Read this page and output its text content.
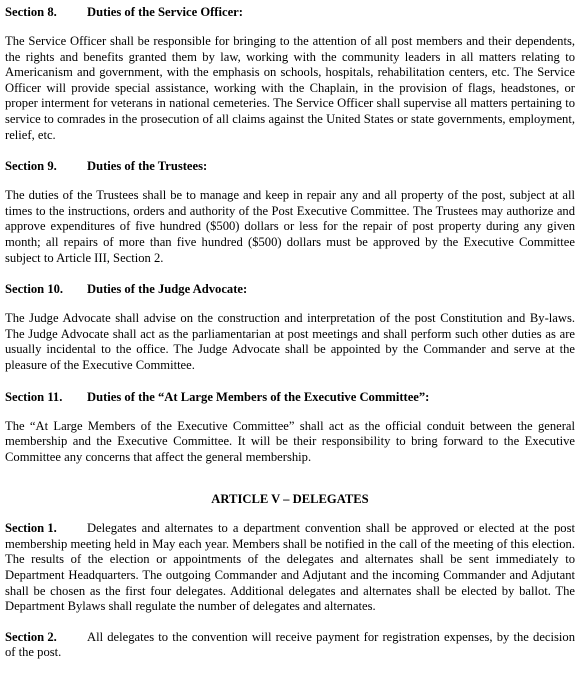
Section 8. Duties of the Service Officer:

The Service Officer shall be responsible for bringing to the attention of all post members and their dependents, the rights and benefits granted them by law, working with the community leaders in all matters relating to Americanism and government, with the emphasis on schools, hospitals, rehabilitation centers, etc. The Service Officer will provide special assistance, working with the Chaplain, in the provision of flags, headstones, or proper interment for veterans in national cemeteries. The Service Officer shall supervise all matters pertaining to service to comrades in the prosecution of all claims against the United States or state governments, employment, relief, etc.

Section 9. Duties of the Trustees:

The duties of the Trustees shall be to manage and keep in repair any and all property of the post, subject at all times to the instructions, orders and authority of the Post Executive Committee. The Trustees may authorize and approve expenditures of five hundred ($500) dollars or less for the repair of post property during any given month; all repairs of more than five hundred ($500) dollars must be approved by the Executive Committee subject to Article III, Section 2.

Section 10. Duties of the Judge Advocate:

The Judge Advocate shall advise on the construction and interpretation of the post Constitution and By-laws. The Judge Advocate shall act as the parliamentarian at post meetings and shall perform such other duties as are usually incidental to the office. The Judge Advocate shall be appointed by the Commander and serve at the pleasure of the Executive Committee.

Section 11. Duties of the “At Large Members of the Executive Committee”:

The “At Large Members of the Executive Committee” shall act as the official conduit between the general membership and the Executive Committee. It will be their responsibility to bring forward to the Executive Committee any concerns that affect the general membership.

ARTICLE V – DELEGATES

Section 1. Delegates and alternates to a department convention shall be approved or elected at the post membership meeting held in May each year. Members shall be notified in the call of the meeting of this election. The results of the election or appointments of the delegates and alternates shall be sent immediately to Department Headquarters. The outgoing Commander and Adjutant and the incoming Commander and Adjutant shall be chosen as the first four delegates. Additional delegates and alternates shall be elected by ballot. The Department Bylaws shall regulate the number of delegates and alternates.

Section 2. All delegates to the convention will receive payment for registration expenses, by the decision of the post.
